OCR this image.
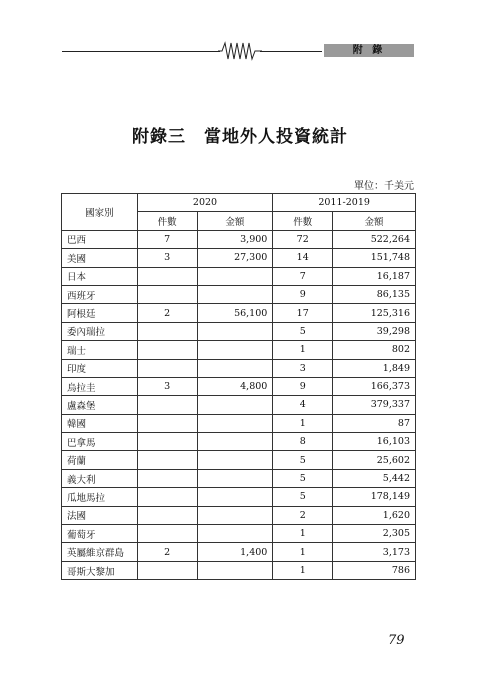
附 錄
附錄三　當地外人投資統計
單位：千美元
國家別	2020		2011-2019	
	件數	金額	件數	金額
巴西	7	3,900	72	522,264
美國	3	27,300	14	151,748
日本			7	16,187
西班牙			9	86,135
阿根廷	2	56,100	17	125,316
委內瑞拉			5	39,298
瑞士			1	802
印度			3	1,849
烏拉圭	3	4,800	9	166,373
盧森堡			4	379,337
韓國			1	87
巴拿馬			8	16,103
荷蘭			5	25,602
義大利			5	5,442
瓜地馬拉			5	178,149
法國			2	1,620
葡萄牙			1	2,305
英屬維京群島	2	1,400	1	3,173
哥斯大黎加			1	786
79
